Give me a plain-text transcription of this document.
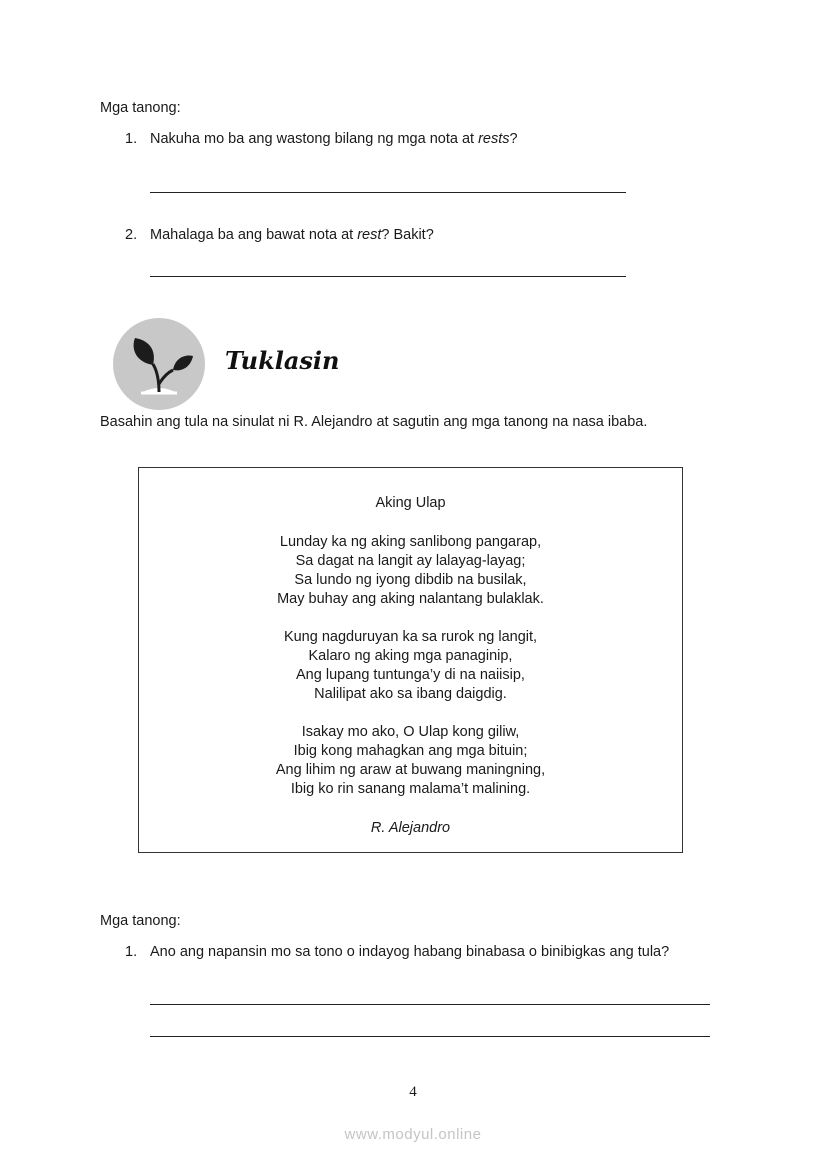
Mga tanong:
1. Nakuha mo ba ang wastong bilang ng mga nota at rests?
2. Mahalaga ba ang bawat nota at rest? Bakit?
Tuklasin
Basahin ang tula na sinulat ni R. Alejandro at sagutin ang mga tanong na nasa ibaba.
Aking Ulap
Lunday ka ng aking sanlibong pangarap,
Sa dagat na langit ay lalayag-layag;
Sa lundo ng iyong dibdib na busilak,
May buhay ang aking nalantang bulaklak.
Kung nagduruyan ka sa rurok ng langit,
Kalaro ng aking mga panaginip,
Ang lupang tuntunga’y di na naiisip,
Nalilipat ako sa ibang daigdig.
Isakay mo ako, O Ulap kong giliw,
Ibig kong mahagkan ang mga bituin;
Ang lihim ng araw at buwang maningning,
Ibig ko rin sanang malama’t malining.
R. Alejandro
Mga tanong:
1. Ano ang napansin mo sa tono o indayog habang binabasa o binibigkas ang tula?
4
www.modyul.online
